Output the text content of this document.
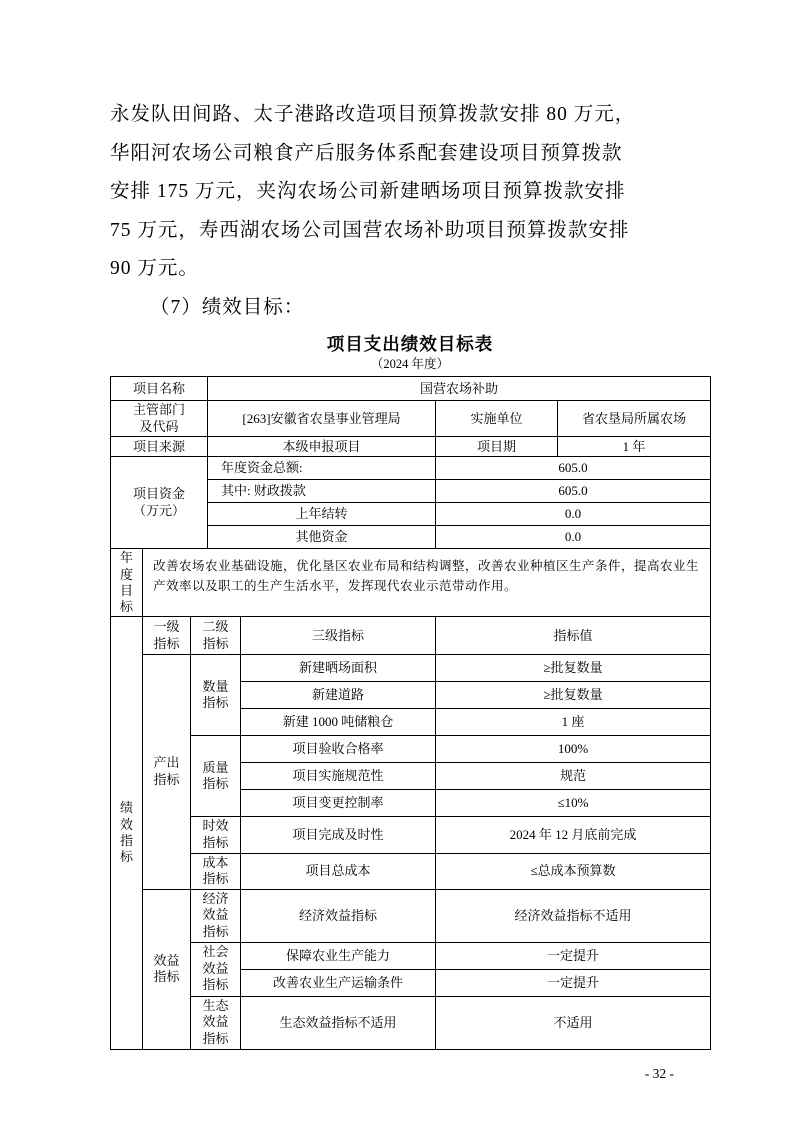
永发队田间路、太子港路改造项目预算拨款安排 80 万元，
华阳河农场公司粮食产后服务体系配套建设项目预算拨款
安排 175 万元，夹沟农场公司新建晒场项目预算拨款安排
75 万元，寿西湖农场公司国营农场补助项目预算拨款安排
90 万元。
（7）绩效目标：
项目支出绩效目标表
（2024 年度）
项目名称			国营农场补助			
主管部门及代码			[263]安徽省农垦事业管理局		实施单位	省农垦局所属农场
项目来源			本级申报项目		项目期	1 年
项目资金（万元）			年度资金总额:		605.0	
			其中: 财政拨款		605.0	
			上年结转		0.0	
			其他资金		0.0	
年度目标	改善农场农业基础设施，优化垦区农业布局和结构调整，改善农业种植区生产条件，提高农业生产效率以及职工的生产生活水平，发挥现代农业示范带动作用。					
绩效指标	一级指标	二级指标		三级指标	指标值	
	产出指标	数量指标		新建晒场面积	≥批复数量	
				新建道路	≥批复数量	
				新建 1000 吨储粮仓	1 座	
		质量指标		项目验收合格率	100%	
				项目实施规范性	规范	
				项目变更控制率	≤10%	
		时效指标		项目完成及时性	2024 年 12 月底前完成	
		成本指标		项目总成本	≤总成本预算数	
	效益指标	经济效益指标		经济效益指标	经济效益指标不适用	
		社会效益指标		保障农业生产能力	一定提升	
				改善农业生产运输条件	一定提升	
		生态效益指标		生态效益指标不适用	不适用	
- 32 -
